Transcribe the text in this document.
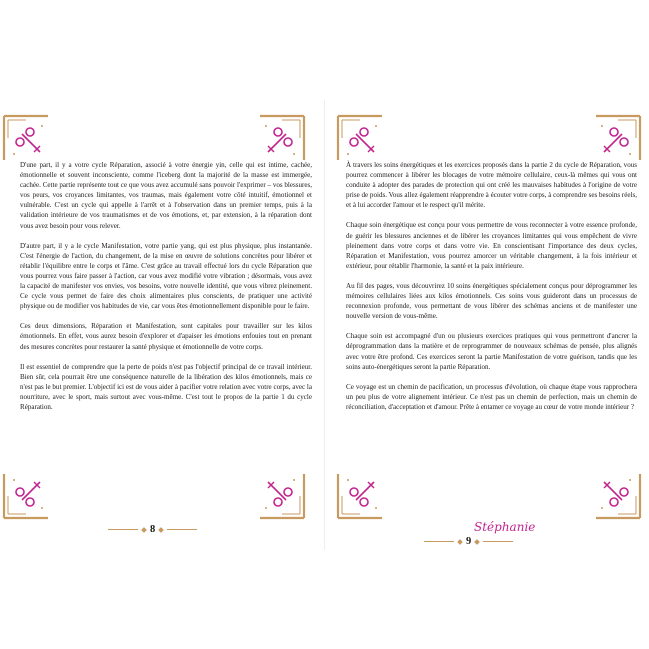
D'une part, il y a votre cycle Réparation, associé à votre énergie yin, celle qui est intime, cachée, émotionnelle et souvent inconsciente, comme l'iceberg dont la majorité de la masse est immergée, cachée. Cette partie représente tout ce que vous avez accumulé sans pouvoir l'exprimer – vos blessures, vos peurs, vos croyances limitantes, vos traumas, mais également votre côté intuitif, émotionnel et vulnérable. C'est un cycle qui appelle à l'arrêt et à l'observation dans un premier temps, puis à la validation intérieure de vos traumatismes et de vos émotions, et, par extension, à la réparation dont vous avez besoin pour vous relever.

D'autre part, il y a le cycle Manifestation, votre partie yang, qui est plus physique, plus instantanée. C'est l'énergie de l'action, du changement, de la mise en œuvre de solutions concrètes pour libérer et rétablir l'équilibre entre le corps et l'âme. C'est grâce au travail effectué lors du cycle Réparation que vous pourrez vous faire passer à l'action, car vous avez modifié votre vibration ; désormais, vous avez la capacité de manifester vos envies, vos besoins, votre nouvelle identité, que vous vibrez pleinement. Ce cycle vous permet de faire des choix alimentaires plus conscients, de pratiquer une activité physique ou de modifier vos habitudes de vie, car vous êtes émotionnellement disponible pour le faire.

Ces deux dimensions, Réparation et Manifestation, sont capitales pour travailler sur les kilos émotionnels. En effet, vous aurez besoin d'explorer et d'apaiser les émotions enfouies tout en prenant des mesures concrètes pour restaurer la santé physique et émotionnelle de votre corps.

Il est essentiel de comprendre que la perte de poids n'est pas l'objectif principal de ce travail intérieur. Bien sûr, cela pourrait être une conséquence naturelle de la libération des kilos émotionnels, mais ce n'est pas le but premier. L'objectif ici est de vous aider à pacifier votre relation avec votre corps, avec la nourriture, avec le sport, mais surtout avec vous-même. C'est tout le propos de la partie 1 du cycle Réparation.

8

À travers les soins énergétiques et les exercices proposés dans la partie 2 du cycle de Réparation, vous pourrez commencer à libérer les blocages de votre mémoire cellulaire, ceux-là mêmes qui vous ont conduite à adopter des parades de protection qui ont créé les mauvaises habitudes à l'origine de votre prise de poids. Vous allez également réapprendre à écouter votre corps, à comprendre ses besoins réels, et à lui accorder l'amour et le respect qu'il mérite.

Chaque soin énergétique est conçu pour vous permettre de vous reconnecter à votre essence profonde, de guérir les blessures anciennes et de libérer les croyances limitantes qui vous empêchent de vivre pleinement dans votre corps et dans votre vie. En conscientisant l'importance des deux cycles, Réparation et Manifestation, vous pourrez amorcer un véritable changement, à la fois intérieur et extérieur, pour rétablir l'harmonie, la santé et la paix intérieure.

Au fil des pages, vous découvrirez 10 soins énergétiques spécialement conçus pour déprogrammer les mémoires cellulaires liées aux kilos émotionnels. Ces soins vous guideront dans un processus de reconnexion profonde, vous permettant de vous libérer des schémas anciens et de manifester une nouvelle version de vous-même.

Chaque soin est accompagné d'un ou plusieurs exercices pratiques qui vous permettront d'ancrer la déprogrammation dans la matière et de reprogrammer de nouveaux schémas de pensée, plus alignés avec votre être profond. Ces exercices seront la partie Manifestation de votre guérison, tandis que les soins auto-énergétiques seront la partie Réparation.

Ce voyage est un chemin de pacification, un processus d'évolution, où chaque étape vous rapprochera un peu plus de votre alignement intérieur. Ce n'est pas un chemin de perfection, mais un chemin de réconciliation, d'acceptation et d'amour. Prête à entamer ce voyage au cœur de votre monde intérieur ?

Stéphanie
9
